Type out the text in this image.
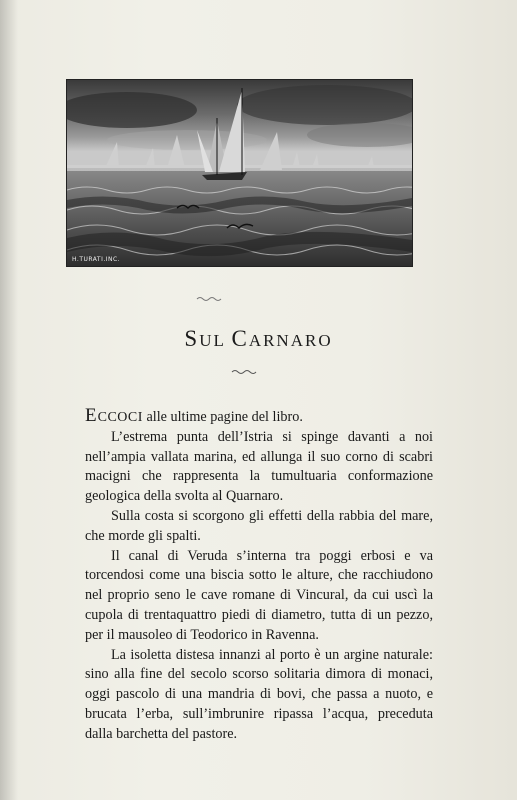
H.TURATI.INC.
SUL CARNARO

ECCOCI alle ultime pagine del libro.

L’estrema punta dell’Istria si spinge davanti a noi nell’ampia vallata marina, ed allunga il suo corno di scabri macigni che rappresenta la tumultuaria conformazione geologica della svolta al Quarnaro.

Sulla costa si scorgono gli effetti della rabbia del mare, che morde gli spalti.

Il canal di Veruda s’interna tra poggi erbosi e va torcendosi come una biscia sotto le alture, che racchiudono nel proprio seno le cave romane di Vincural, da cui uscì la cupola di trentaquattro piedi di diametro, tutta di un pezzo, per il mausoleo di Teodorico in Ravenna.

La isoletta distesa innanzi al porto è un argine naturale: sino alla fine del secolo scorso solitaria dimora di monaci, oggi pascolo di una mandria di bovi, che passa a nuoto, e brucata l’erba, sull’imbrunire ripassa l’acqua, preceduta dalla barchetta del pastore.
